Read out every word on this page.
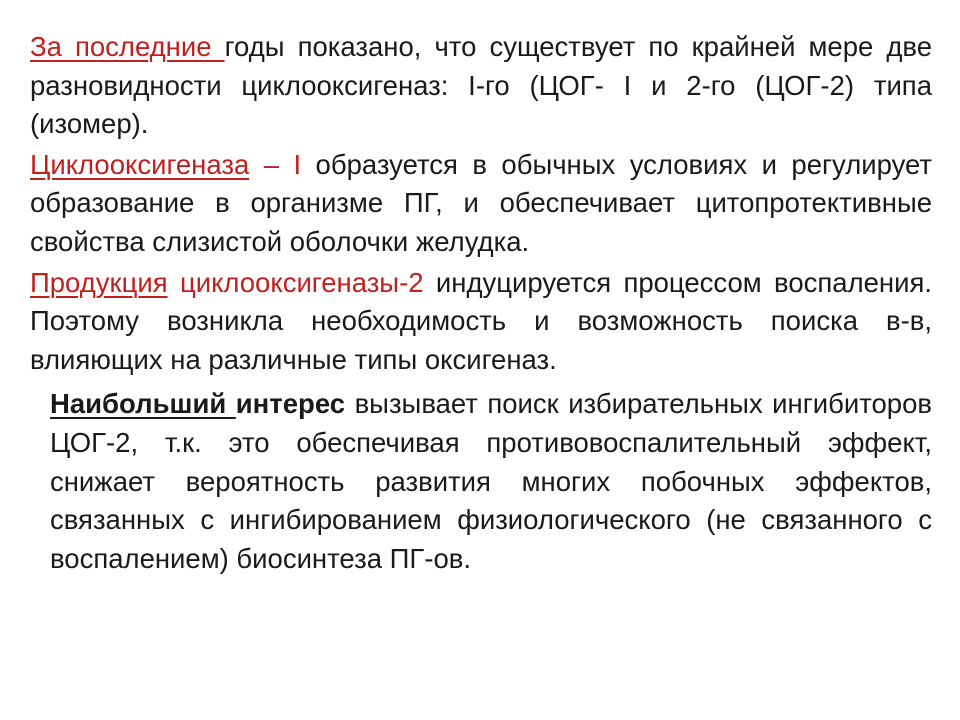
За последние годы показано, что существует по крайней мере две разновидности циклооксигеназ: I-го (ЦОГ- I и 2-го (ЦОГ-2) типа (изомер).

Циклооксигеназа – I образуется в обычных условиях и регулирует образование в организме ПГ, и обеспечивает цитопротективные свойства слизистой оболочки желудка.

Продукция циклооксигеназы-2 индуцируется процессом воспаления. Поэтому возникла необходимость и возможность поиска в-в, влияющих на различные типы оксигеназ.

Наибольший интерес вызывает поиск избирательных ингибиторов ЦОГ-2, т.к. это обеспечивая противовоспалительный эффект, снижает вероятность развития многих побочных эффектов, связанных с ингибированием физиологического (не связанного с воспалением) биосинтеза ПГ-ов.
